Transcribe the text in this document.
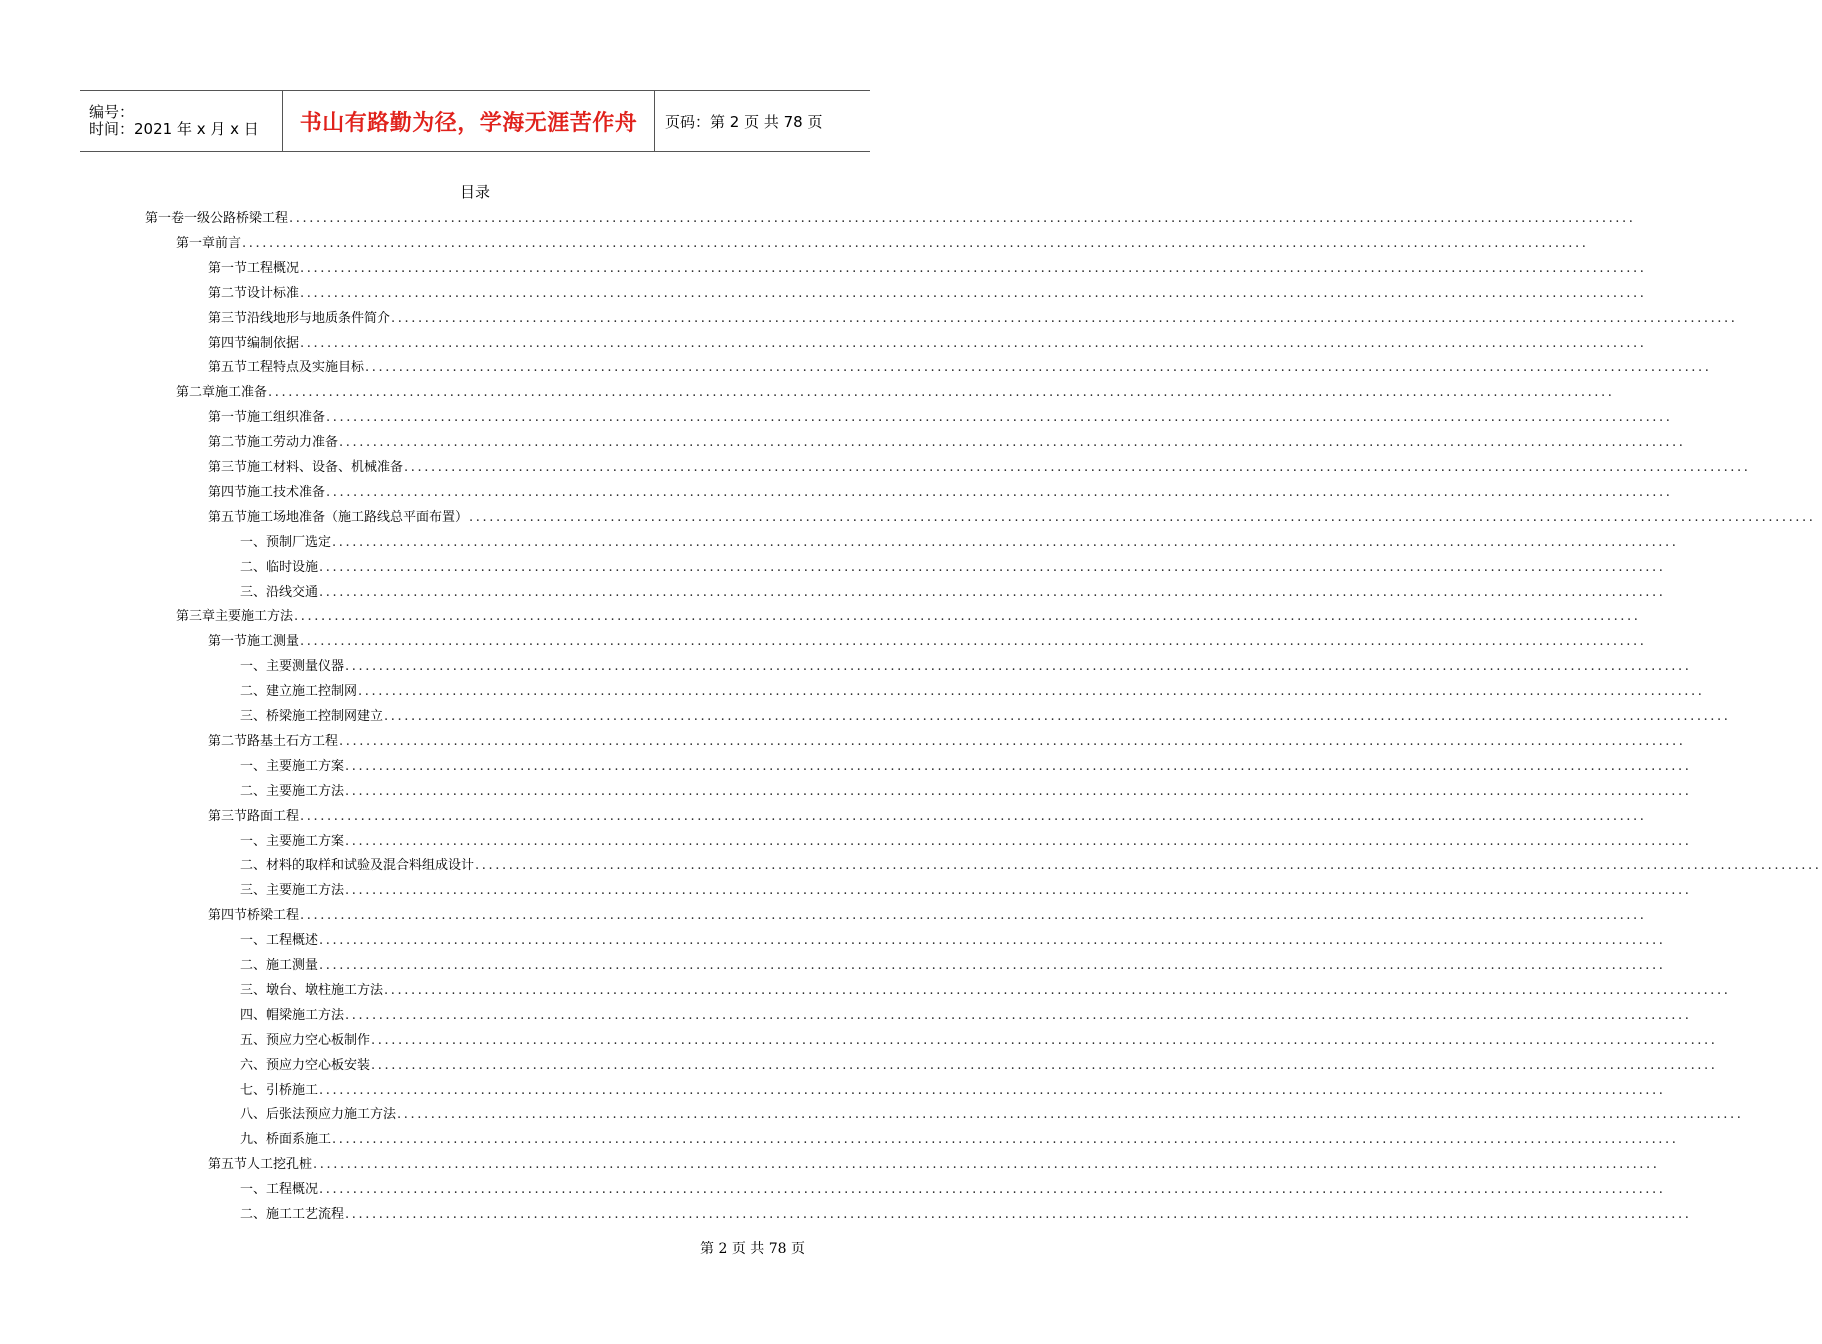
编号：
时间：2021 年 x 月 x 日	书山有路勤为径，学海无涯苦作舟 页码：第 2 页 共 78 页
目录
第一卷 一级公路桥梁工程 ........................................................................................................................................................................................................
第一章 前言 ........................................................................................................................................................................................................
第一节 工程概况 ........................................................................................................................................................................................................
第二节 设计标准 ........................................................................................................................................................................................................
第三节 沿线地形与地质条件简介 ........................................................................................................................................................................................................
第四节 编制依据 ........................................................................................................................................................................................................
第五节 工程特点及实施目标 ........................................................................................................................................................................................................
第二章 施工准备 ........................................................................................................................................................................................................
第一节 施工组织准备 ........................................................................................................................................................................................................
第二节 施工劳动力准备 ........................................................................................................................................................................................................
第三节 施工材料、设备、机械准备 ........................................................................................................................................................................................................
第四节 施工技术准备 ........................................................................................................................................................................................................
第五节 施工场地准备（施工路线总平面布置） ........................................................................................................................................................................................................
一、 预制厂选定 ........................................................................................................................................................................................................
二、 临时设施 ........................................................................................................................................................................................................
三、 沿线交通 ........................................................................................................................................................................................................
第三章 主要施工方法 ........................................................................................................................................................................................................
第一节 施工测量 ........................................................................................................................................................................................................
一、 主要测量仪器 ........................................................................................................................................................................................................
二、 建立施工控制网 ........................................................................................................................................................................................................
三、 桥梁施工控制网建立 ........................................................................................................................................................................................................
第二节 路基土石方工程 ........................................................................................................................................................................................................
一、 主要施工方案 ........................................................................................................................................................................................................
二、 主要施工方法 ........................................................................................................................................................................................................
第三节 路面工程 ........................................................................................................................................................................................................
一、 主要施工方案 ........................................................................................................................................................................................................
二、 材料的取样和试验及混合料组成设计 ........................................................................................................................................................................................................
三、 主要施工方法 ........................................................................................................................................................................................................
第四节 桥梁工程 ........................................................................................................................................................................................................
一、 工程概述 ........................................................................................................................................................................................................
二、 施工测量 ........................................................................................................................................................................................................
三、 墩台、墩柱施工方法 ........................................................................................................................................................................................................
四、 帽梁施工方法 ........................................................................................................................................................................................................
五、 预应力空心板制作 ........................................................................................................................................................................................................
六、 预应力空心板安装 ........................................................................................................................................................................................................
七、 引桥施工 ........................................................................................................................................................................................................
八、 后张法预应力施工方法 ........................................................................................................................................................................................................
九、 桥面系施工 ........................................................................................................................................................................................................
第五节 人工挖孔桩 ........................................................................................................................................................................................................
一、 工程概况 ........................................................................................................................................................................................................
二、 施工工艺流程 ........................................................................................................................................................................................................
第 2 页 共 78 页
